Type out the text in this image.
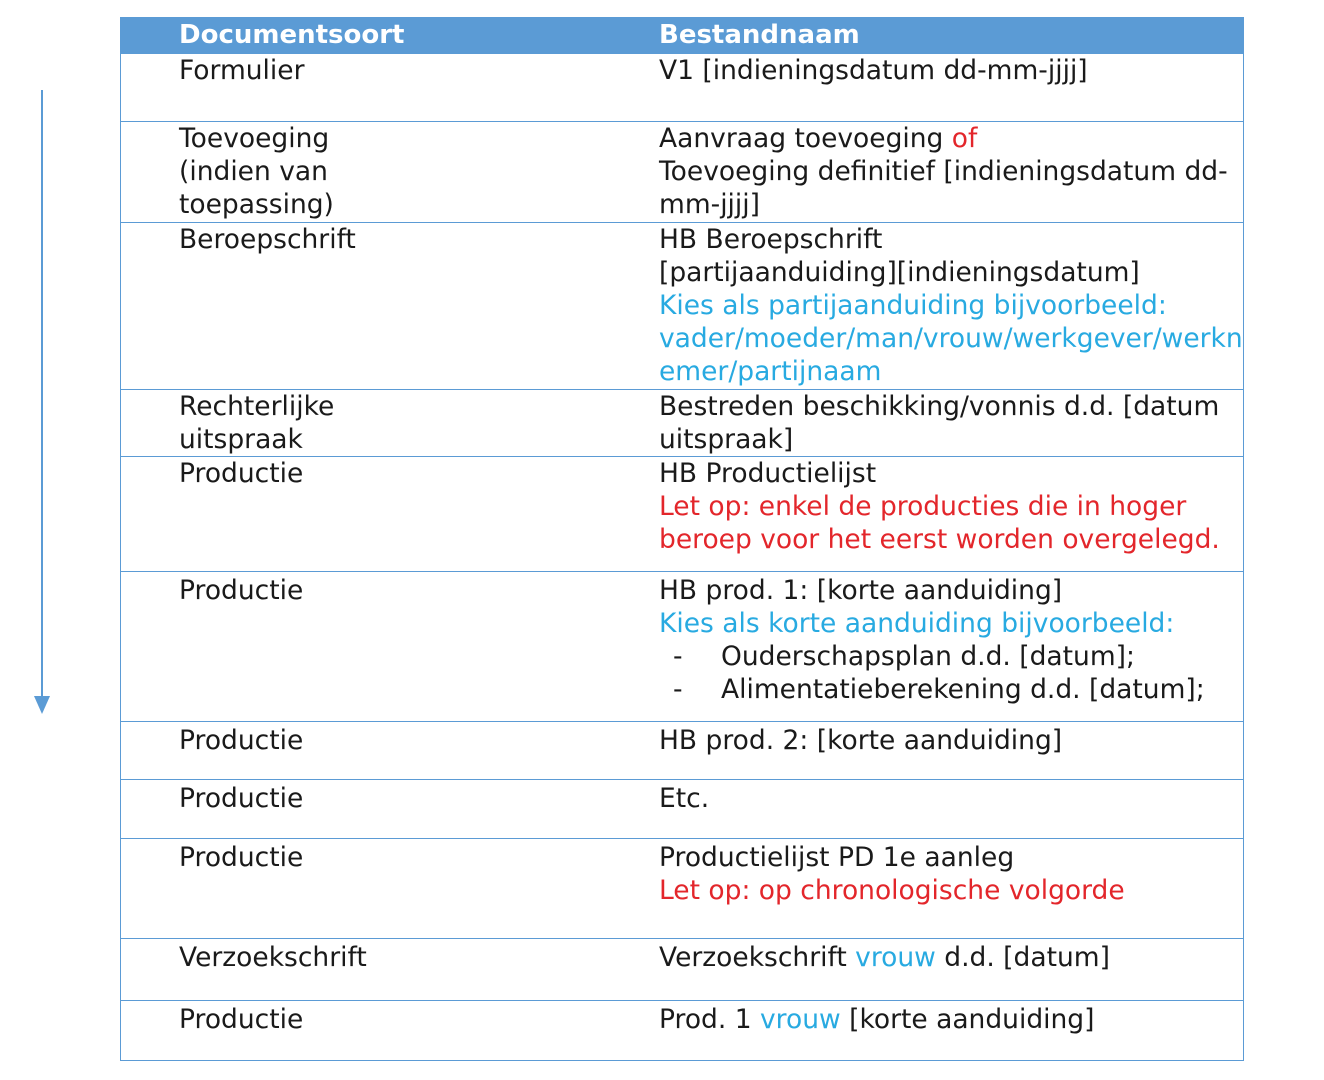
Documentsoort	Bestandnaam

Formulier	V1 [indieningsdatum dd-mm-jjjj]

Toevoeging
(indien van
toepassing)	Aanvraag toevoeging of
Toevoeging definitief [indieningsdatum dd-
mm-jjjj]

Beroepschrift	HB Beroepschrift
[partijaanduiding][indieningsdatum]
Kies als partijaanduiding bijvoorbeeld:
vader/moeder/man/vrouw/werkgever/werkn
emer/partijnaam

Rechterlijke
uitspraak	Bestreden beschikking/vonnis d.d. [datum
uitspraak]

Productie	HB Productielijst
Let op: enkel de producties die in hoger
beroep voor het eerst worden overgelegd.

Productie	HB prod. 1: [korte aanduiding]
Kies als korte aanduiding bijvoorbeeld:
- Ouderschapsplan d.d. [datum];
- Alimentatieberekening d.d. [datum];

Productie	HB prod. 2: [korte aanduiding]

Productie	Etc.

Productie	Productielijst PD 1e aanleg
Let op: op chronologische volgorde

Verzoekschrift	Verzoekschrift vrouw d.d. [datum]

Productie	Prod. 1 vrouw [korte aanduiding]
